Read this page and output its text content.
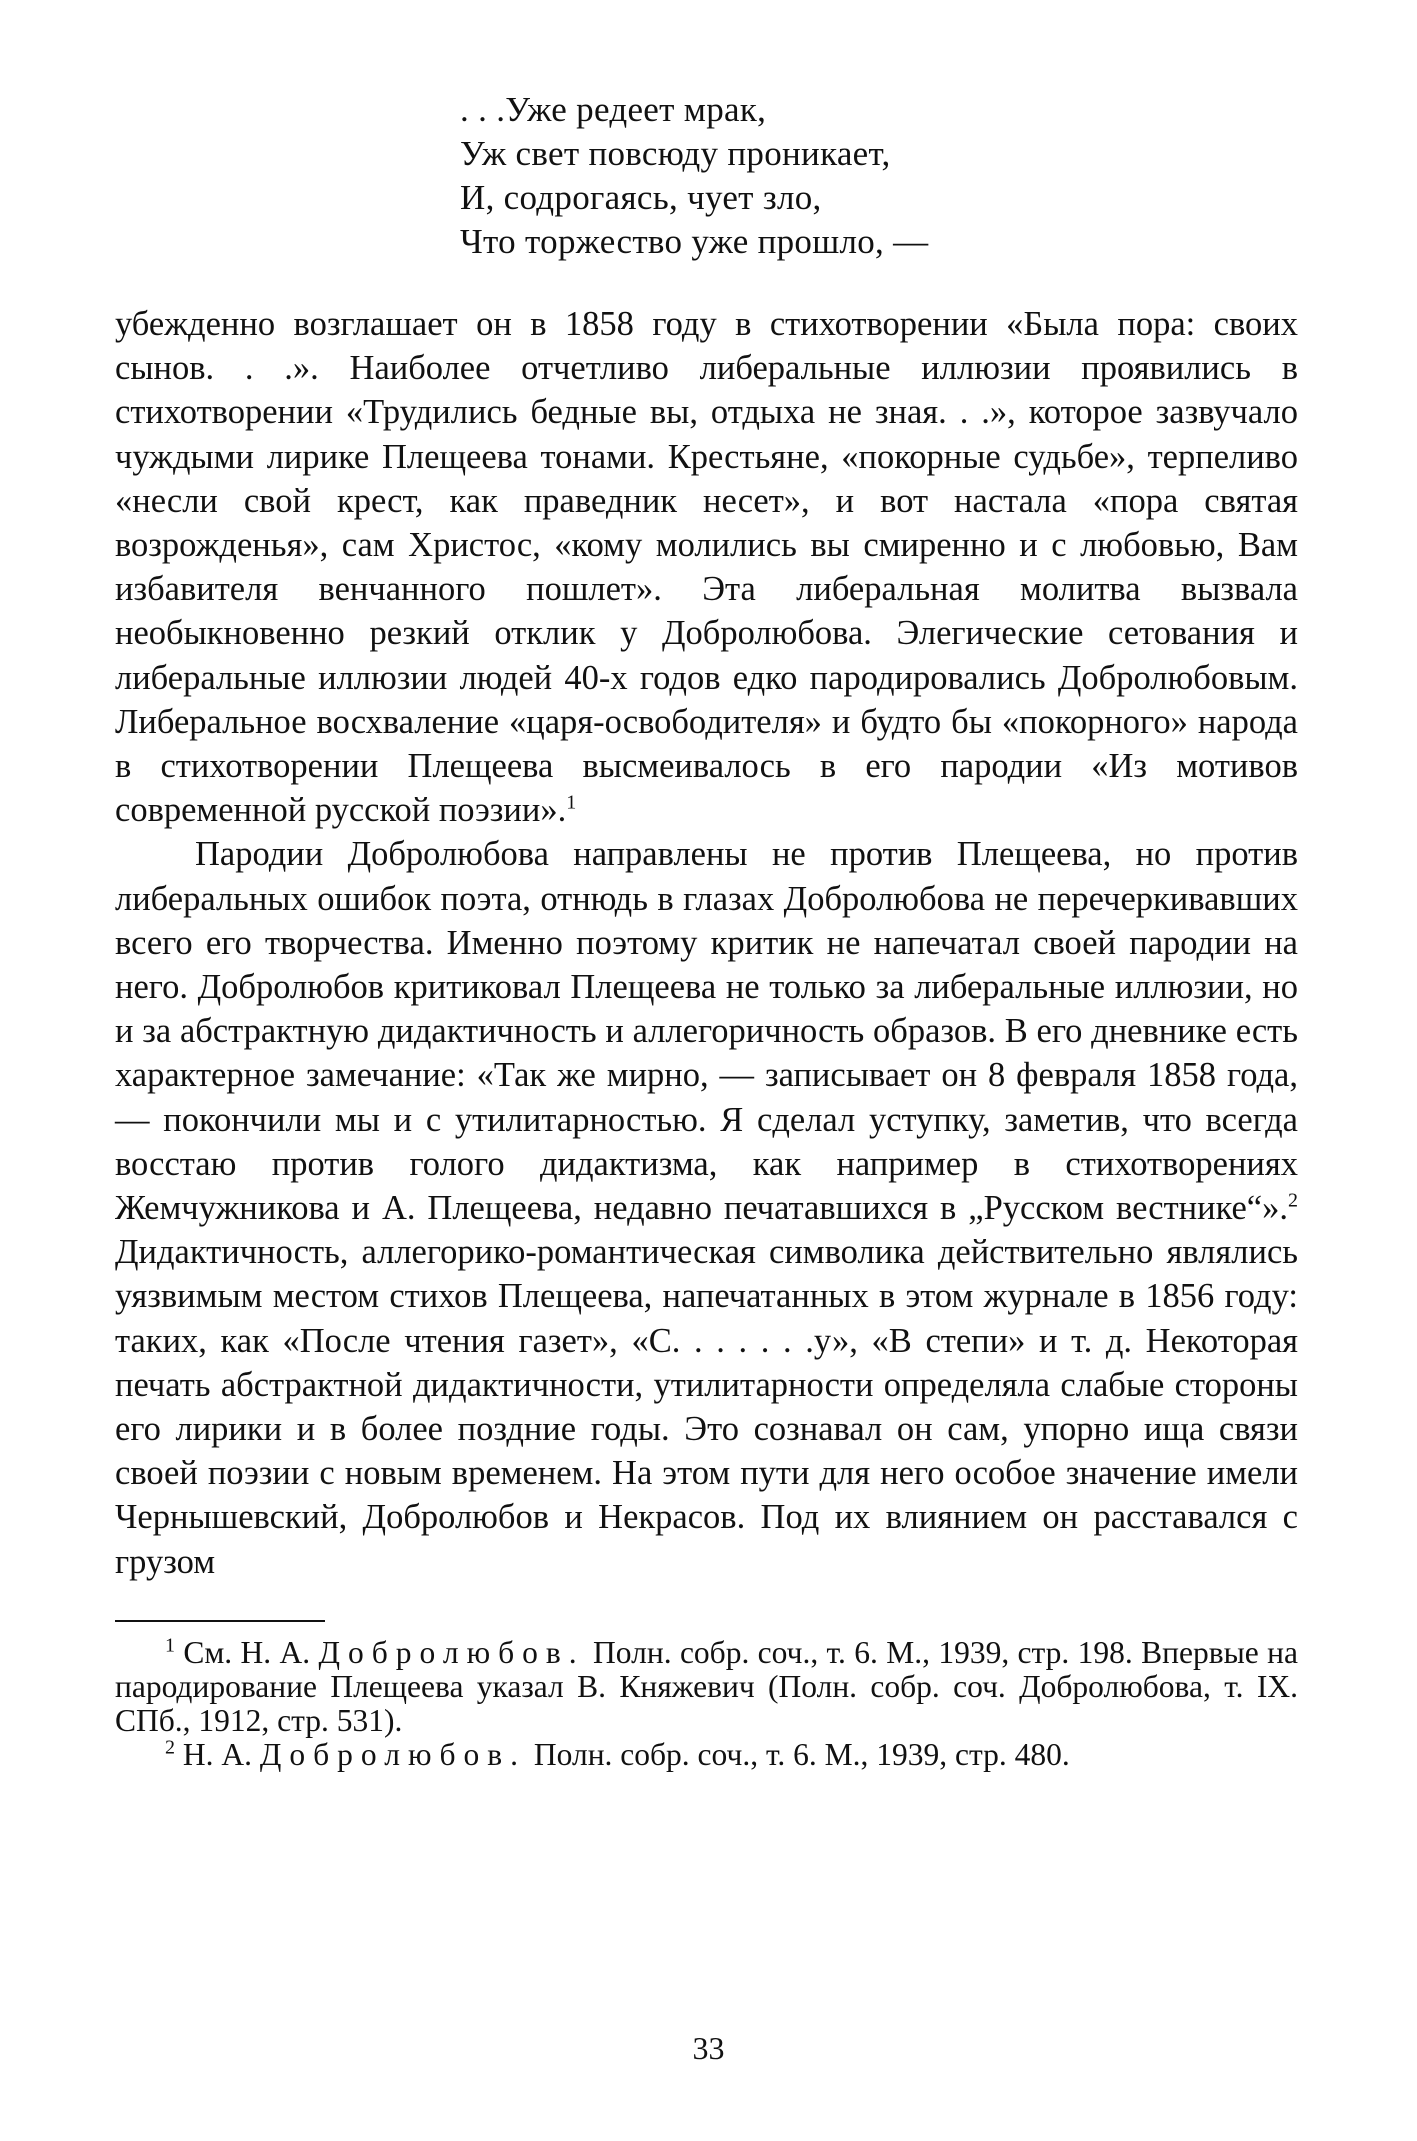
. . .Уже редеет мрак,
Уж свет повсюду проникает,
И, содрогаясь, чует зло,
Что торжество уже прошло, —

убежденно возглашает он в 1858 году в стихотворении «Была пора: своих сынов. . .». Наиболее отчетливо либеральные иллюзии проявились в стихотворении «Трудились бедные вы, отдыха не зная. . .», которое зазвучало чуждыми лирике Плещеева тонами. Крестьяне, «покорные судьбе», терпеливо «несли свой крест, как праведник несет», и вот настала «пора святая возрожденья», сам Христос, «кому молились вы смиренно и с любовью, Вам избавителя венчанного пошлет». Эта либеральная молитва вызвала необыкновенно резкий отклик у Добролюбова. Элегические сетования и либеральные иллюзии людей 40-х годов едко пародировались Добролюбовым. Либеральное восхваление «царя-освободителя» и будто бы «покорного» народа в стихотворении Плещеева высмеивалось в его пародии «Из мотивов современной русской поэзии».$^1$

Пародии Добролюбова направлены не против Плещеева, но против либеральных ошибок поэта, отнюдь в глазах Добролюбова не перечеркивавших всего его творчества. Именно поэтому критик не напечатал своей пародии на него. Добролюбов критиковал Плещеева не только за либеральные иллюзии, но и за абстрактную дидактичность и аллегоричность образов. В его дневнике есть характерное замечание: «Так же мирно, — записывает он 8 февраля 1858 года, — покончили мы и с утилитарностью. Я сделал уступку, заметив, что всегда восстаю против голого дидактизма, как например в стихотворениях Жемчужникова и А. Плещеева, недавно печатавшихся в „Русском вестнике“».$^2$ Дидактичность, аллегорико-романтическая символика действительно являлись уязвимым местом стихов Плещеева, напечатанных в этом журнале в 1856 году: таких, как «После чтения газет», «С. . . . . . .у», «В степи» и т. д. Некоторая печать абстрактной дидактичности, утилитарности определяла слабые стороны его лирики и в более поздние годы. Это сознавал он сам, упорно ища связи своей поэзии с новым временем. На этом пути для него особое значение имели Чернышевский, Добролюбов и Некрасов. Под их влиянием он расставался с грузом

$^1$ См. Н. А. Добролюбов. Полн. собр. соч., т. 6. М., 1939, стр. 198. Впервые на пародирование Плещеева указал В. Княжевич (Полн. собр. соч. Добролюбова, т. IX. СПб., 1912, стр. 531).

$^2$ Н. А. Добролюбов. Полн. собр. соч., т. 6. М., 1939, стр. 480.

33
